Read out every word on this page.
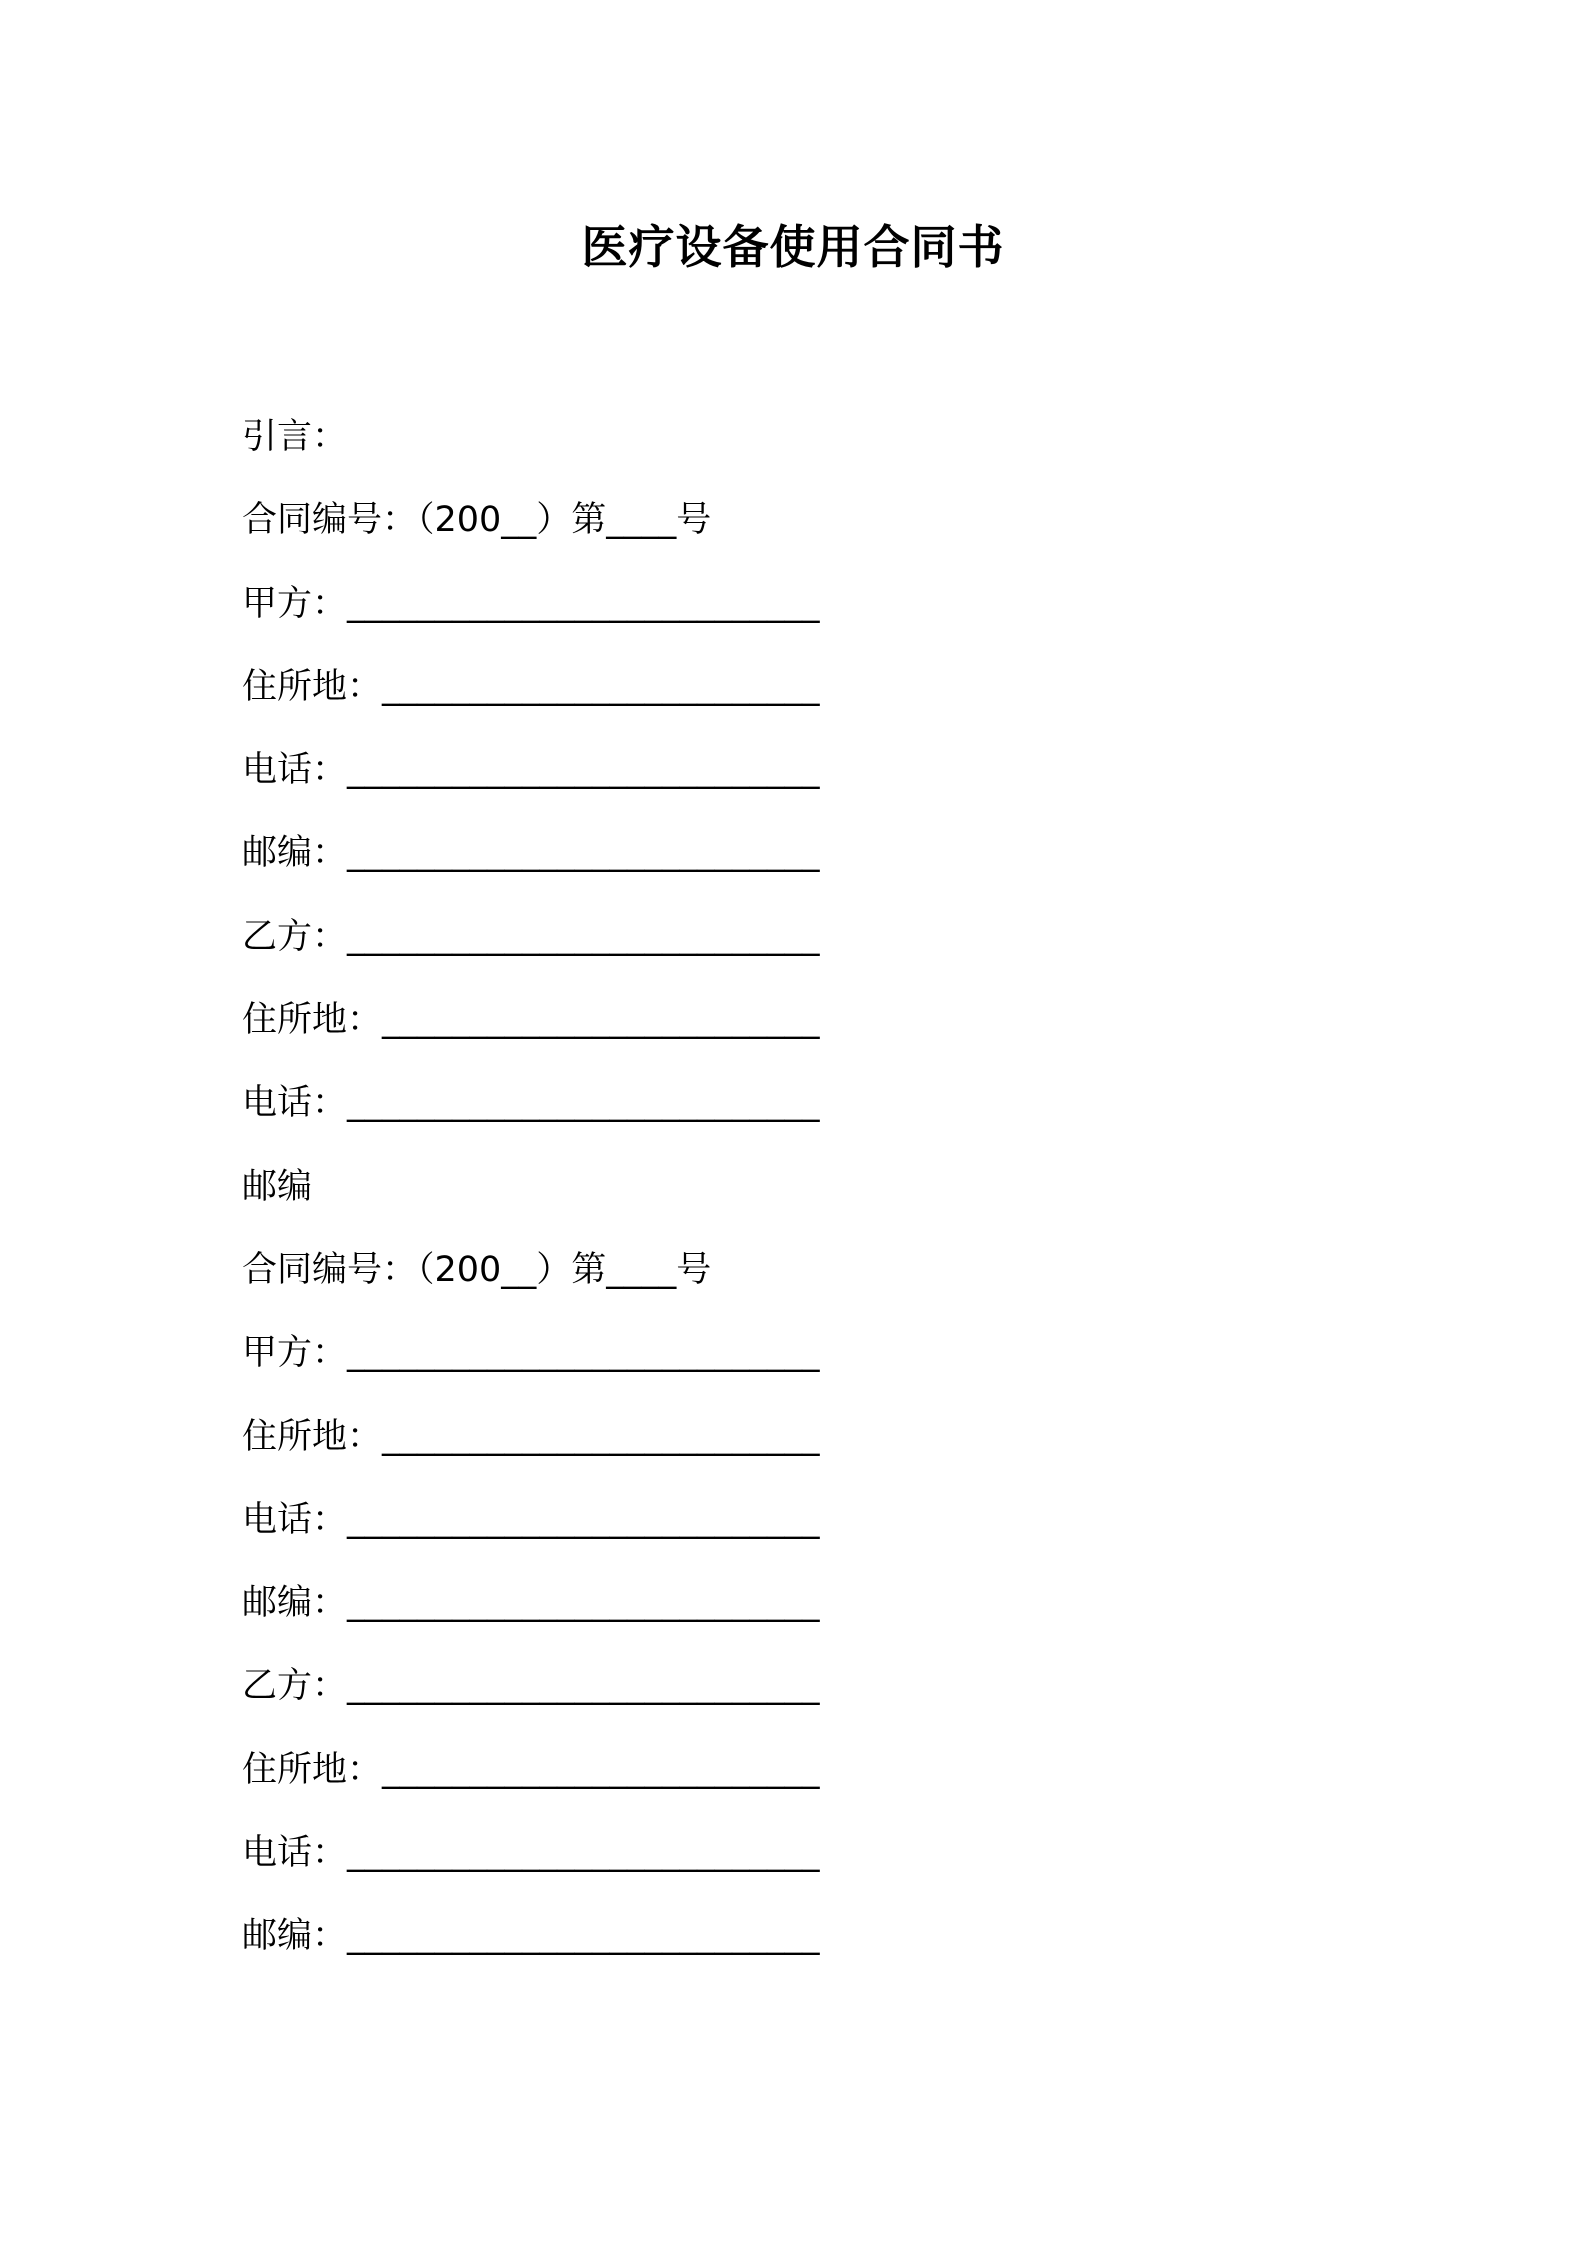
医疗设备使用合同书
引言：
合同编号：（200__）第____号
甲方：___________________________
住所地：_________________________
电话：___________________________
邮编：___________________________
乙方：___________________________
住所地：_________________________
电话：___________________________
邮编
合同编号：（200__）第____号
甲方：___________________________
住所地：_________________________
电话：___________________________
邮编：___________________________
乙方：___________________________
住所地：_________________________
电话：___________________________
邮编：___________________________
